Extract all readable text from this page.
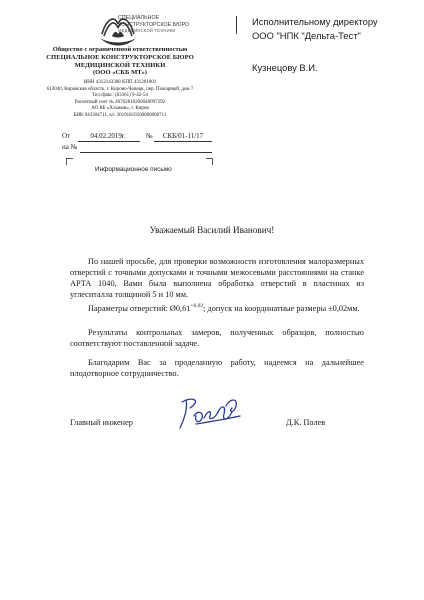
СПЕЦИАЛЬНОЕ
КОНСТРУКТОРСКОЕ БЮРО
МЕДИЦИНСКОЙ ТЕХНИКИ
Общество с ограниченной ответственностью
СПЕЦИАЛЬНОЕ КОНСТРУКТОРСКОЕ БЮРО
МЕДИЦИНСКОЙ ТЕХНИКИ
(ООО «СКБ МТ»)
ИНН 4312143308 КПП 431201001
613040, Кировская область, г. Кирово-Чепецк, пер. Пожарный, дом 7
Тел./факс: (83361) 9-42-54
Расчетный счет № 40702810200040097292
АО КБ «Хлынов», г. Киров
БИК 043304711, к/с 30101810500000000711
От	04.02.2019г.	№	СКБ/01-11/17
на №
Информационное письмо
Исполнительному директору
ООО "НПК "Дельта-Тест"
Кузнецову В.И.
Уважаемый Василий Иванович!

По нашей просьбе, для проверки возможности изготовления малоразмерных отверстий с точными допусками и точными межосевыми расстояниями на станке АРТА 1040, Вами была выполнена обработка отверстий в пластинах из углеситалла толщиной 5 и 10 мм.

Параметры отверстий: $Ø0,61^{+0,02}$; допуск на координатные размеры ±0,02мм.

Результаты контрольных замеров, полученных образцов, полностью соответствуют поставленной задаче.

Благодарим Вас за проделанную работу, надеемся на дальнейшее плодотворное сотрудничество.

Главный инженер	Д.К. Полев
